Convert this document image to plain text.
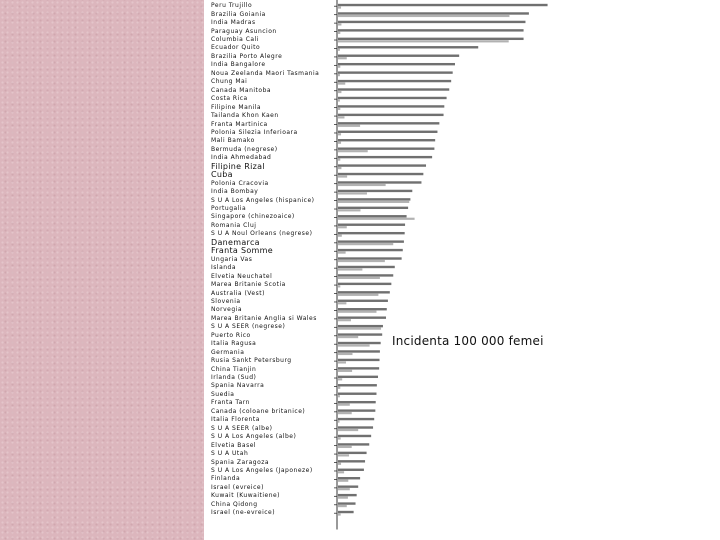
Peru Trujillo
Brazilia Goiania
India Madras
Paraguay Asuncion
Columbia Cali
Ecuador Quito
Brazilia Porto Alegre
India Bangalore
Noua Zeelanda Maori Tasmania
Chung Mai
Canada Manitoba
Costa Rica
Filipine Manila
Tailanda Khon Kaen
Franta Martinica
Polonia Silezia Inferioara
Mali Bamako
Bermuda (negrese)
India Ahmedabad
Filipine Rizal
Cuba
Polonia Cracovia
India Bombay
S U A Los Angeles (hispanice)
Portugalia
Singapore (chinezoaice)
Romania Cluj
S U A Noul Orleans (negrese)
Danemarca
Franta Somme
Ungaria Vas
Islanda
Elvetia Neuchatel
Marea Britanie Scotia
Australia (Vest)
Slovenia
Norvegia
Marea Britanie Anglia si Wales
S U A SEER (negrese)
Puerto Rico
Italia Ragusa
Germania
Rusia Sankt Petersburg
China Tianjin
Irlanda (Sud)
Spania Navarra
Suedia
Franta Tarn
Canada (coloane britanice)
Italia Florenta
S U A SEER (albe)
S U A Los Angeles (albe)
Elvetia Basel
S U A Utah
Spania Zaragoza
S U A Los Angeles (Japoneze)
Finlanda
Israel (evreice)
Kuwait (Kuwaitiene)
China Qidong
Israel (ne-evreice)
Incidenta 100 000 femei
